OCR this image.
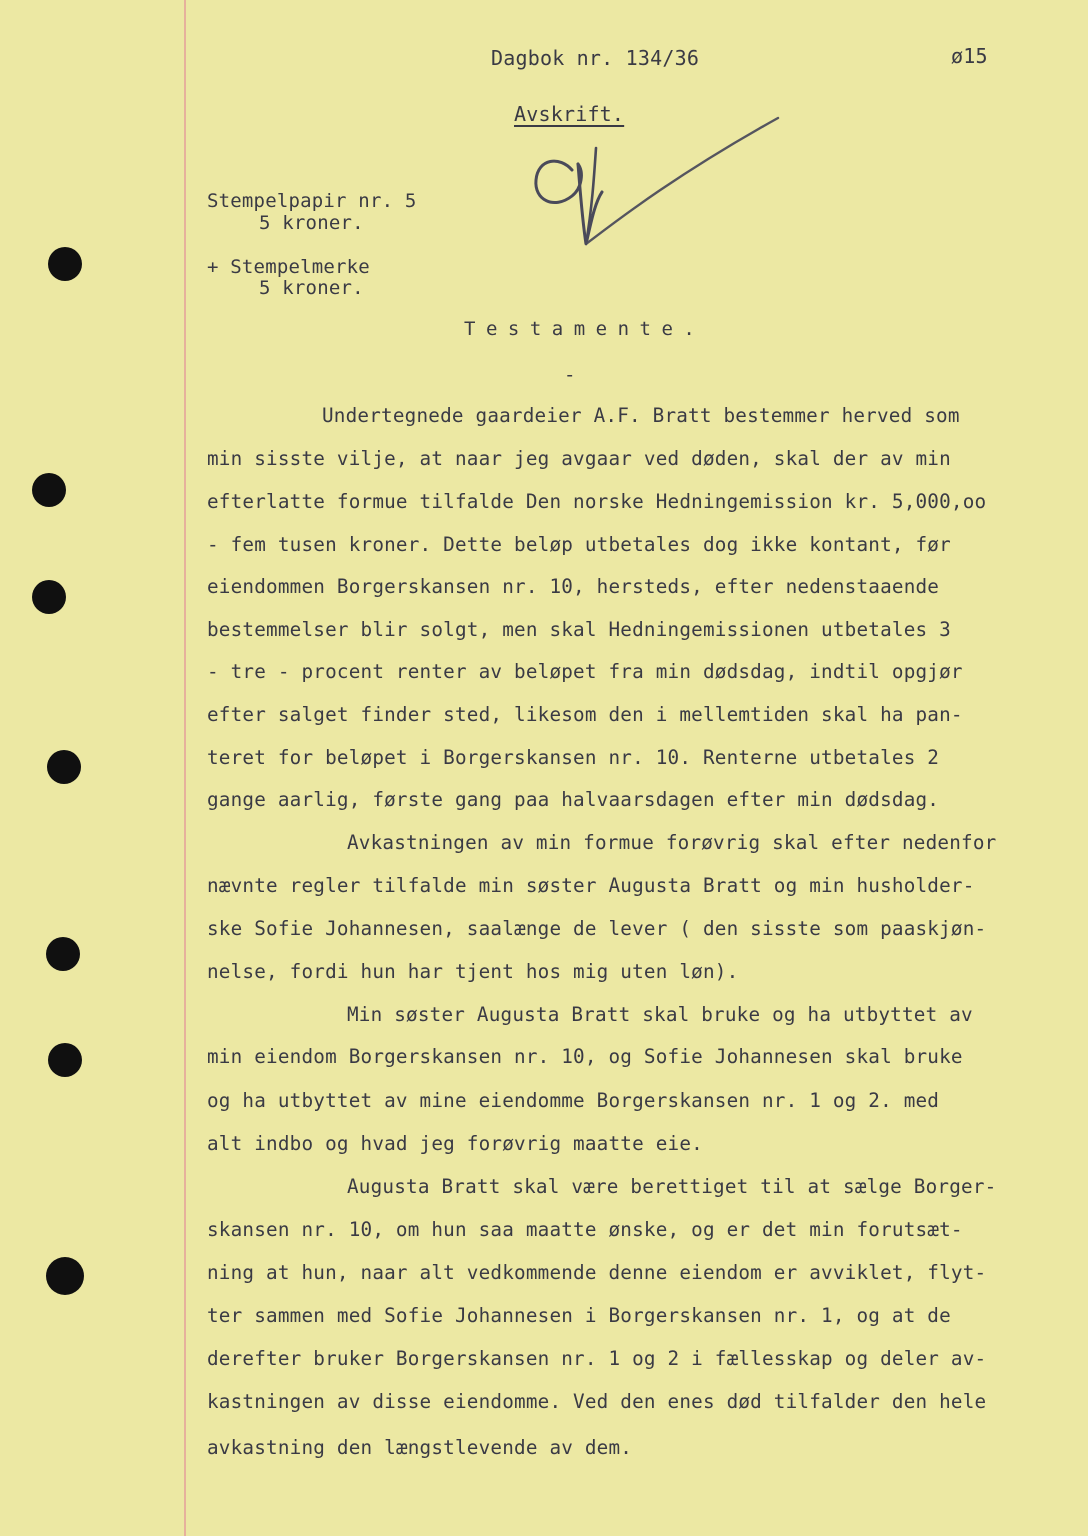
Dagbok nr. 134/36	ø15
Avskrift.
Stempelpapir nr. 5
5 kroner.
+ Stempelmerke
5 kroner.
Testamente.
-
Undertegnede gaardeier A.F. Bratt bestemmer herved som
min sisste vilje, at naar jeg avgaar ved døden, skal der av min
efterlatte formue tilfalde Den norske Hedningemission kr. 5,000,oo
- fem tusen kroner. Dette beløp utbetales dog ikke kontant, før
eiendommen Borgerskansen nr. 10, hersteds, efter nedenstaaende
bestemmelser blir solgt, men skal Hedningemissionen utbetales 3
- tre - procent renter av beløpet fra min dødsdag, indtil opgjør
efter salget finder sted, likesom den i mellemtiden skal ha pan-
teret for beløpet i Borgerskansen nr. 10. Renterne utbetales 2
gange aarlig, første gang paa halvaarsdagen efter min dødsdag.
Avkastningen av min formue forøvrig skal efter nedenfor
nævnte regler tilfalde min søster Augusta Bratt og min husholder-
ske Sofie Johannesen, saalænge de lever ( den sisste som paaskjøn-
nelse, fordi hun har tjent hos mig uten løn).
Min søster Augusta Bratt skal bruke og ha utbyttet av
min eiendom Borgerskansen nr. 10, og Sofie Johannesen skal bruke
og ha utbyttet av mine eiendomme Borgerskansen nr. 1 og 2. med
alt indbo og hvad jeg forøvrig maatte eie.
Augusta Bratt skal være berettiget til at sælge Borger-
skansen nr. 10, om hun saa maatte ønske, og er det min forutsæt-
ning at hun, naar alt vedkommende denne eiendom er avviklet, flyt-
ter sammen med Sofie Johannesen i Borgerskansen nr. 1, og at de
derefter bruker Borgerskansen nr. 1 og 2 i fællesskap og deler av-
kastningen av disse eiendomme. Ved den enes død tilfalder den hele
avkastning den længstlevende av dem.
